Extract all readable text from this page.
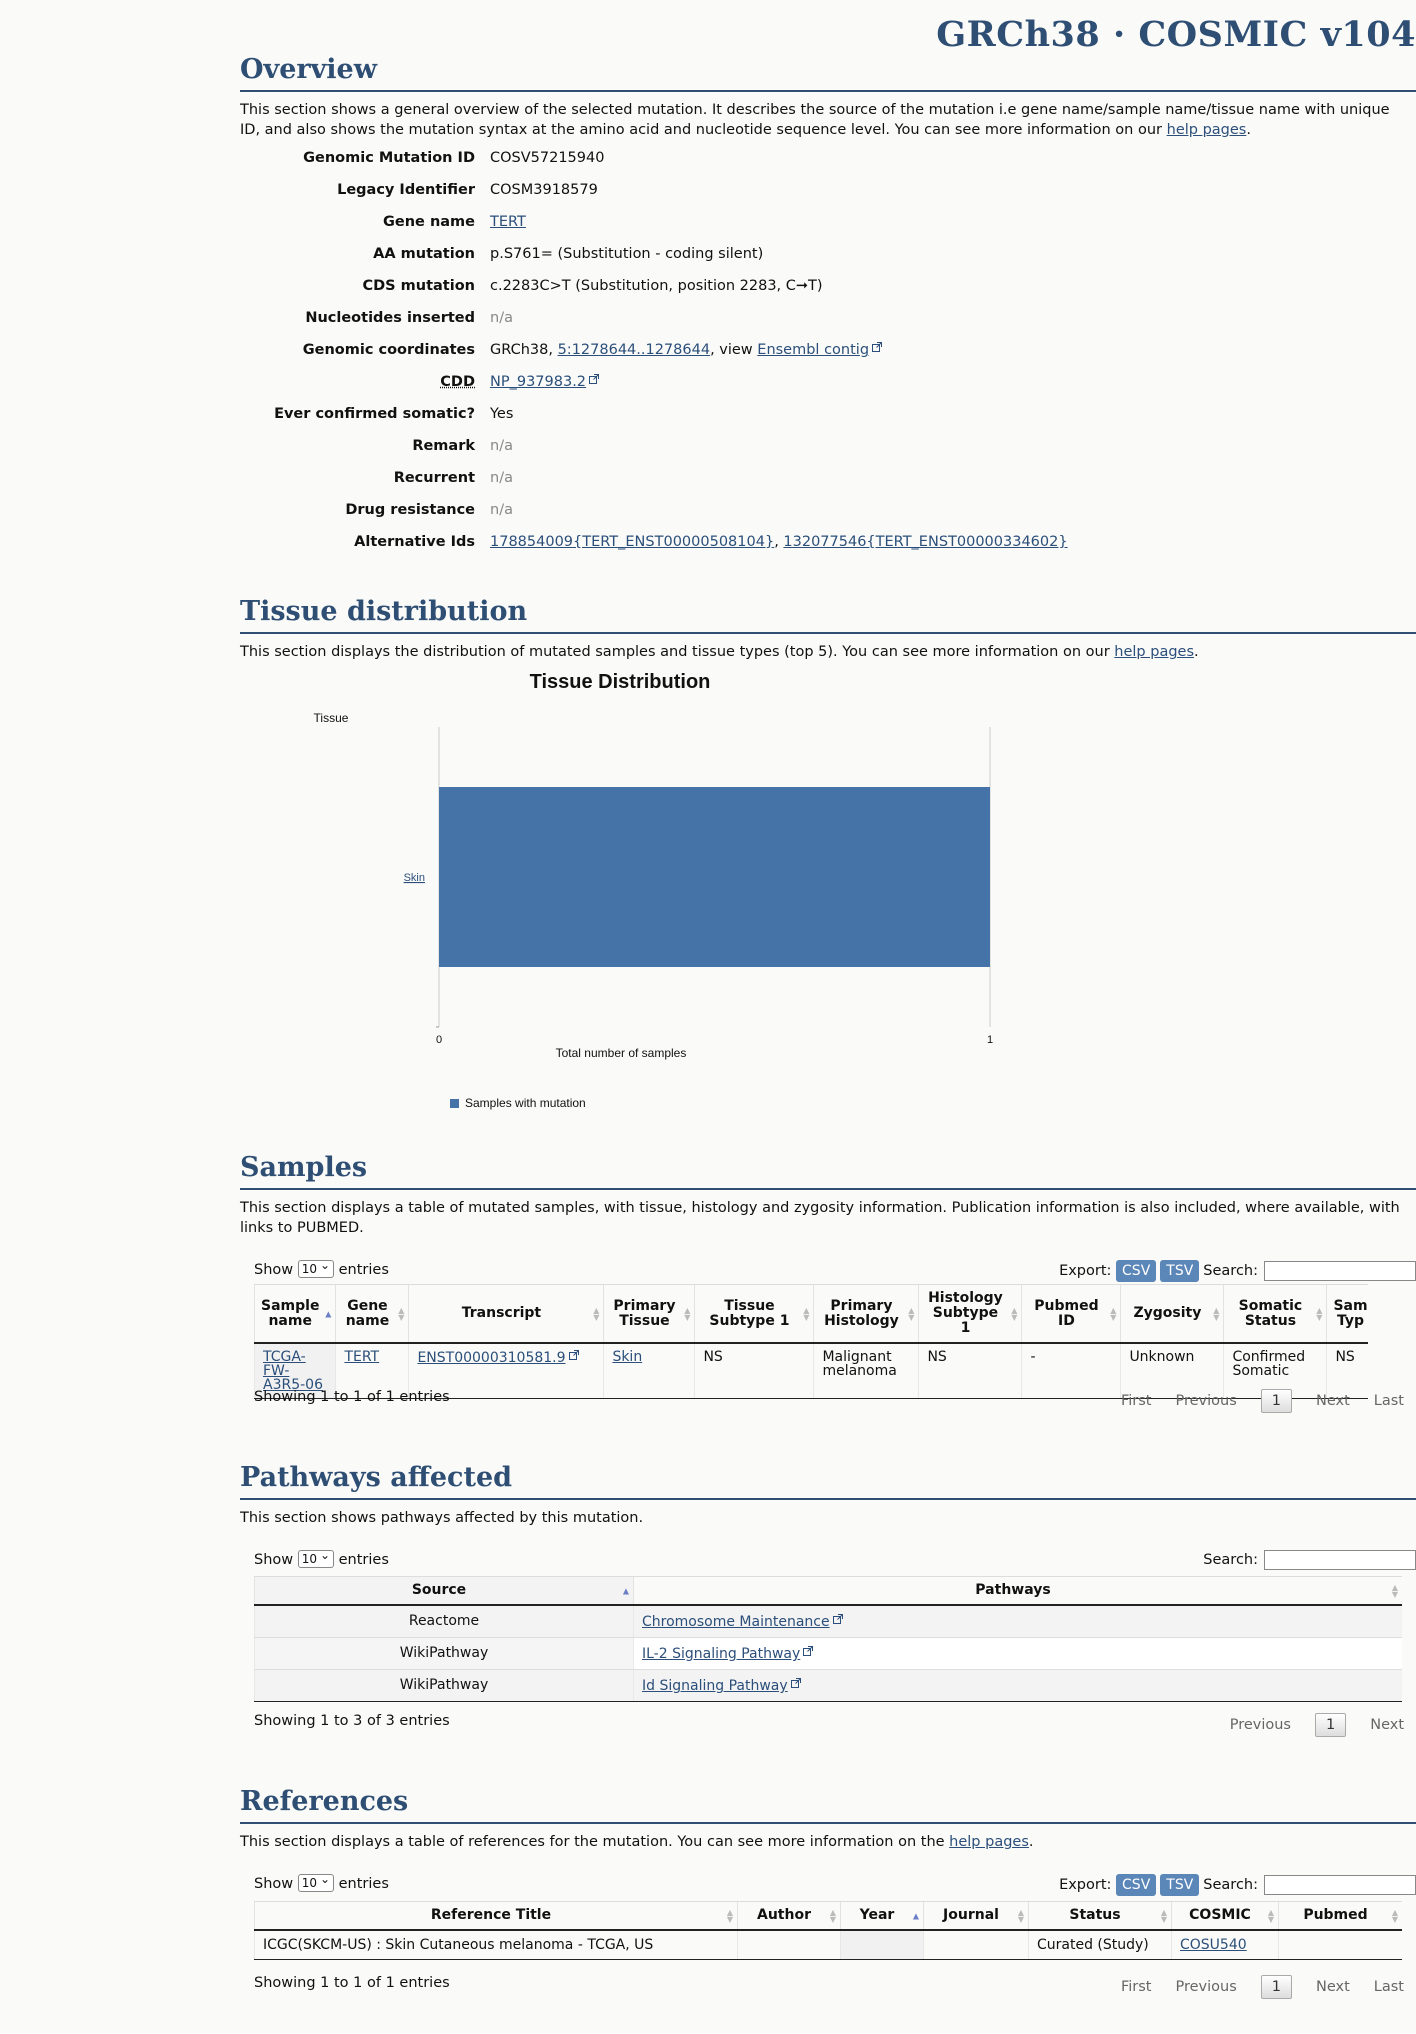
GRCh38 · COSMIC v104
Overview

This section shows a general overview of the selected mutation. It describes the source of the mutation i.e gene name/sample name/tissue name with unique ID, and also shows the mutation syntax at the amino acid and nucleotide sequence level. You can see more information on our help pages.

Genomic Mutation ID COSV57215940
Legacy Identifier COSM3918579
Gene name TERT
AA mutation p.S761= (Substitution - coding silent)
CDS mutation c.2283C>T (Substitution, position 2283, C➞T)
Nucleotides inserted n/a
Genomic coordinates GRCh38, 5:1278644..1278644, view Ensembl contig
CDD NP_937983.2
Ever confirmed somatic? Yes
Remark n/a
Recurrent n/a
Drug resistance n/a
Alternative Ids 178854009{TERT_ENST00000508104}, 132077546{TERT_ENST00000334602}
Tissue distribution

This section displays the distribution of mutated samples and tissue types (top 5). You can see more information on our help pages.

Tissue Distribution
Tissue
Skin
0	1
Total number of samples
Samples with mutation
Samples

This section displays a table of mutated samples, with tissue, histology and zygosity information. Publication information is also included, where available, with links to PUBMED.

Show 10 ⌄ entries	Export: CSV TSV Search:
Sample name ▲	Gene name
▲
▼	Transcript ▲
▼	Primary Tissue
▲
▼	Tissue Subtype 1
▲
▼	Primary Histology
▲
▼	Histology Subtype 1
▲
▼	Pubmed ID
▲
▼	Zygosity ▲
▼	Somatic Status
▲
▼	Sam Typ
TCGA-FW-A3R5-06	TERT	ENST00000310581.9	Skin	NS	Malignant melanoma	NS	-	Unknown	Confirmed Somatic	NS
Showing 1 to 1 of 1 entries	First Previous 1 Next Last
Pathways affected

This section shows pathways affected by this mutation.

Show 10 ⌄ entries	Search:
Source ▲	Pathways ▲
▼

Reactome	Chromosome Maintenance

WikiPathway	IL-2 Signaling Pathway

WikiPathway	Id Signaling Pathway
Showing 1 to 3 of 3 entries	Previous 1 Next
References

This section displays a table of references for the mutation. You can see more information on the help pages.

Show 10 ⌄ entries	Export: CSV TSV Search:
Reference Title ▲
▼	Author ▲
▼	Year ▲	Journal ▲
▼	Status ▲
▼	COSMIC ▲
▼	Pubmed ▲
▼

ICGC(SKCM-US) : Skin Cutaneous melanoma - TCGA, US				Curated (Study)	COSU540	
Showing 1 to 1 of 1 entries	First Previous 1 Next Last
